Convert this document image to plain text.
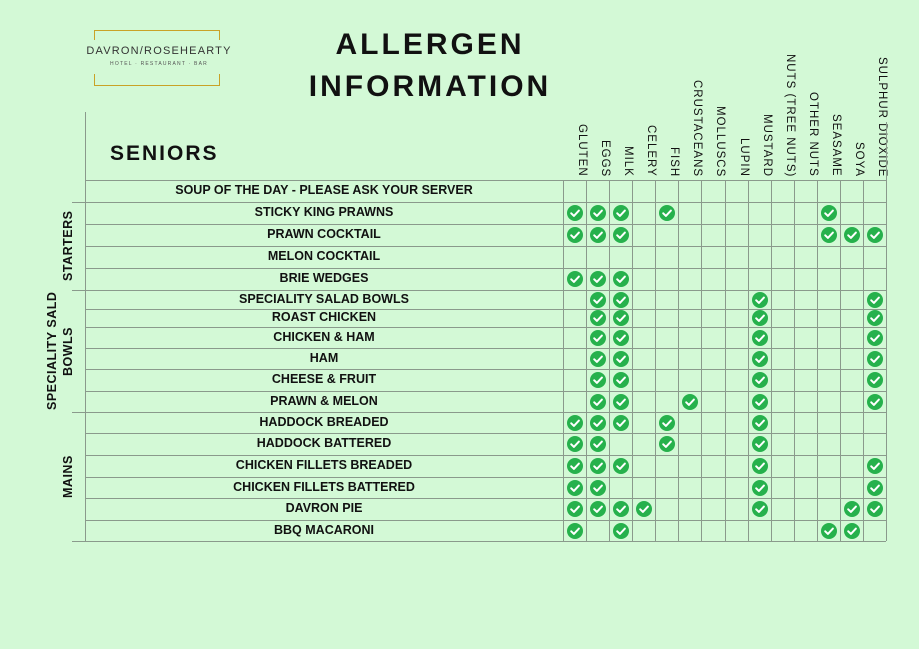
DAVRON/ROSEHEARTY
HOTEL · RESTAURANT · BAR
ALLERGEN
INFORMATION
SENIORS	GLUTEN EGGS MILK CELERY FISH CRUSTACEANS MOLLUSCS	LUPIN MUSTARD NUTS (TREE NUTS) OTHER NUTS SEASAME SOYA SULPHUR DIOXIDE
STARTERS
SPECIALITY SALD BOWLS
MAINS
SOUP OF THE DAY - PLEASE ASK YOUR SERVER
STICKY KING PRAWNS
PRAWN COCKTAIL
MELON COCKTAIL
BRIE WEDGES
SPECIALITY SALAD BOWLS
ROAST CHICKEN
CHICKEN & HAM
HAM
CHEESE & FRUIT
PRAWN & MELON
HADDOCK BREADED
HADDOCK BATTERED
CHICKEN FILLETS BREADED
CHICKEN FILLETS BATTERED
DAVRON PIE
BBQ MACARONI
